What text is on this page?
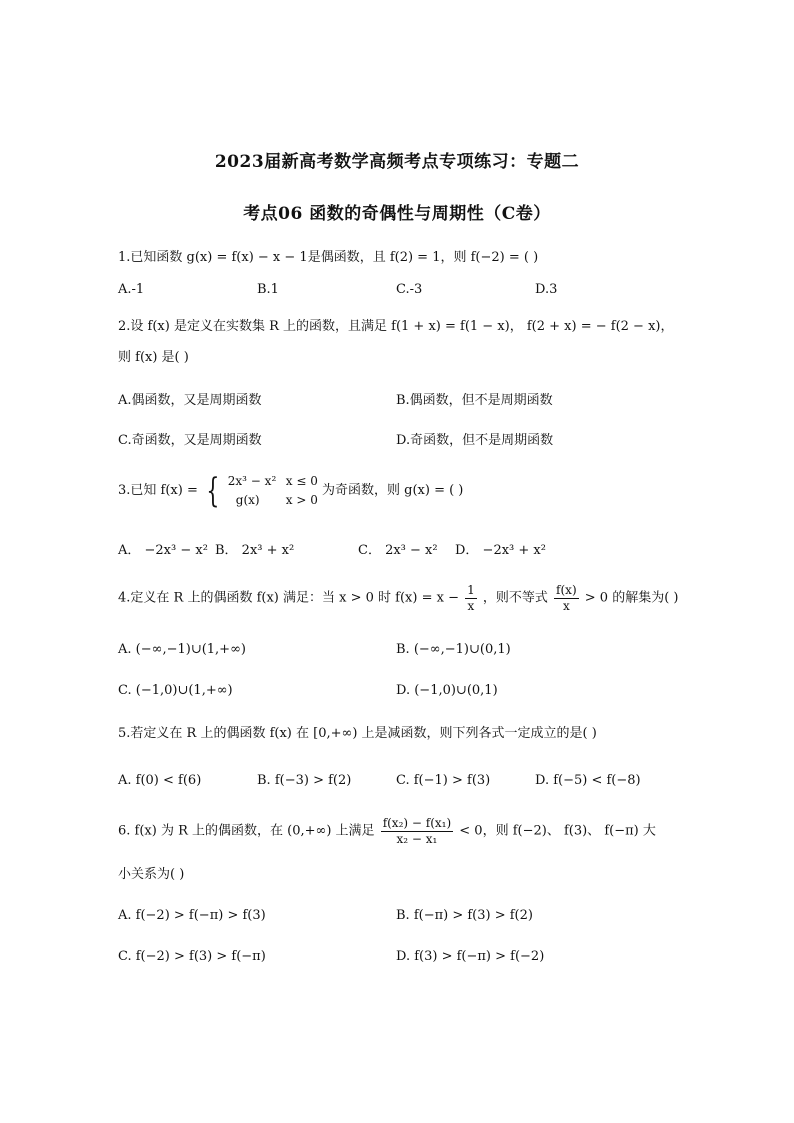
2023届新高考数学高频考点专项练习：专题二
考点06 函数的奇偶性与周期性（C卷）
1.已知函数 g(x) = f(x) − x − 1是偶函数，且 f(2) = 1，则 f(−2) = ( )
A.-1	B.1	C.-3	D.3
2.设 f(x) 是定义在实数集 R 上的函数，且满足 f(1 + x) = f(1 − x)， f(2 + x) = − f(2 − x)，
则 f(x) 是( )
A.偶函数，又是周期函数	B.偶函数，但不是周期函数
C.奇函数，又是周期函数	D.奇函数，但不是周期函数
3.已知 f(x) = { 2x³ − x² x ≤ 0
g(x) x > 0
为奇函数，则 g(x) = ( )
A． −2x³ − x² B． 2x³ + x²	C． 2x³ − x² D． −2x³ + x²
4.定义在 R 上的偶函数 f(x) 满足：当 x > 0 时 $f(x) = x - \frac{1}{x}$ ，则不等式 $\frac{f(x)}{x} > 0$ 的解集为( )
A. (−∞,−1)∪(1,+∞)	B. (−∞,−1)∪(0,1)
C. (−1,0)∪(1,+∞)	D. (−1,0)∪(0,1)
5.若定义在 R 上的偶函数 f(x) 在 [0,+∞) 上是减函数，则下列各式一定成立的是( )
A. f(0) < f(6)	B. f(−3) > f(2)	C. f(−1) > f(3)	D. f(−5) < f(−8)
6. f(x) 为 R 上的偶函数，在 (0,+∞) 上满足 $\frac{\text{f(x₂) − f(x₁)}}{\text{x₂ − x₁}} < 0$，则 f(−2)、 f(3)、 f(−π) 大
小关系为( )
A. f(−2) > f(−π) > f(3)	B. f(−π) > f(3) > f(2)
C. f(−2) > f(3) > f(−π)	D. f(3) > f(−π) > f(−2)
